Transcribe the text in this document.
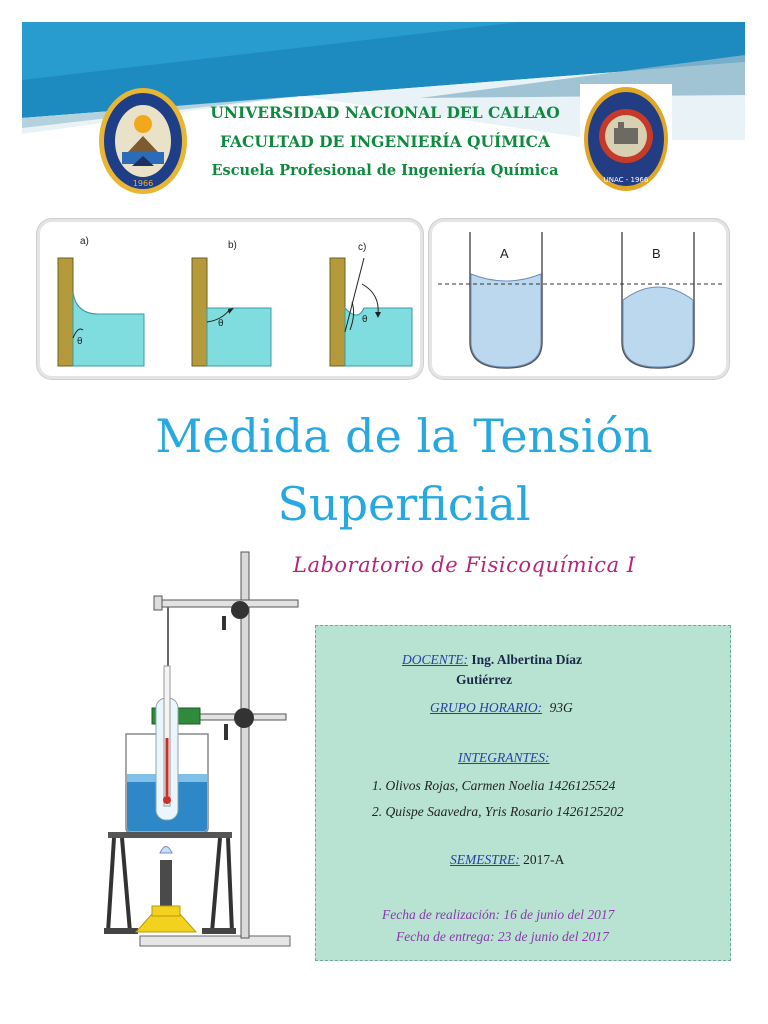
1966	UNAC - 1966
UNIVERSIDAD NACIONAL DEL CALLAO
FACULTAD DE INGENIERÍA QUÍMICA
Escuela Profesional de Ingeniería Química
a)
θ
b)
θ
c)
θ
A	B
Medida de la Tensión
Superficial
Laboratorio de Fisicoquímica I
DOCENTE: Ing. Albertina Díaz
Gutiérrez
GRUPO HORARIO: 93G
INTEGRANTES:
1. Olivos Rojas, Carmen Noelia 1426125524
2. Quispe Saavedra, Yris Rosario 1426125202
SEMESTRE: 2017-A
Fecha de realización: 16 de junio del 2017
Fecha de entrega: 23 de junio del 2017
